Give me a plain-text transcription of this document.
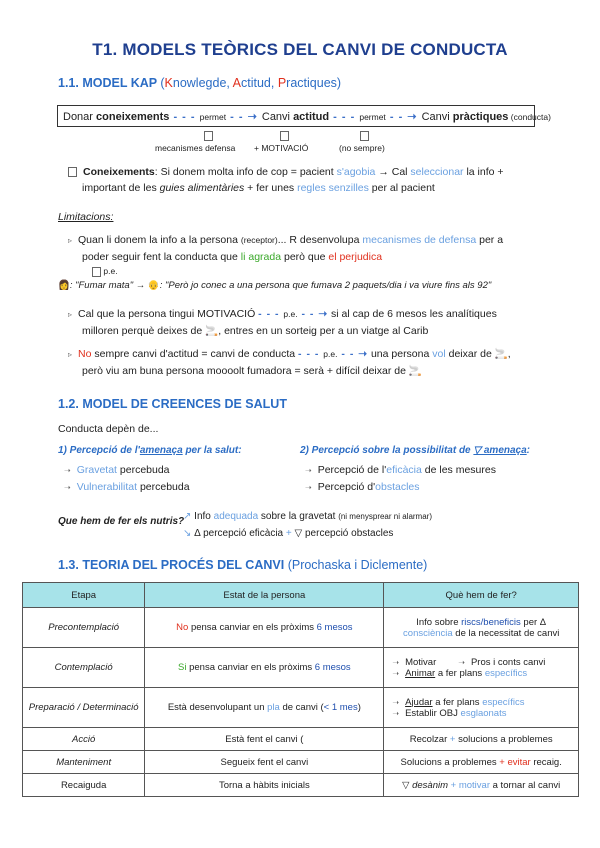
T1. MODELS TEÒRICS DEL CANVI DE CONDUCTA
1.1. MODEL KAP (Knowlegde, Actitud, Practiques)
Donar coneixements - - - permet - - ➝ Canvi actitud - - - permet - - ➝ Canvi pràctiques (conducta)
mecanismes defensa + MOTIVACIÓ	(no sempre)
Coneixements: Si donem molta info de cop = pacient s'agobia → Cal seleccionar la info +
important de les guies alimentàries + fer unes regles senzilles per al pacient
Limitacions:
▹ Quan li donem la info a la persona (receptor)... R desenvolupa mecanismes de defensa per a
poder seguir fent la conducta que li agrada però que el perjudica
p.e.
👩: "Fumar mata" → 👴: "Però jo conec a una persona que fumava 2 paquets/dia i va viure fins als 92"
▹ Cal que la persona tingui MOTIVACIÓ - - - p.e. - - ➝ si al cap de 6 mesos les analítiques
milloren perquè deixes de 🚬, entres en un sorteig per a un viatge al Carib
▹ No sempre canvi d'actitud = canvi de conducta - - - p.e. - - ➝ una persona vol deixar de 🚬,
però viu am buna persona moooolt fumadora = serà + difícil deixar de 🚬
1.2. MODEL DE CREENCES DE SALUT
Conducta depèn de...
1) Percepció de l'amenaça per la salut:
➝ Gravetat percebuda
➝ Vulnerabilitat percebuda
2) Percepció sobre la possibilitat de ▽ amenaça:
➝ Percepció de l'eficàcia de les mesures
➝ Percepció d'obstacles
Que hem de fer els nutris?
↗ Info adequada sobre la gravetat (ni menysprear ni alarmar)
↘ Δ percepció eficàcia + ▽ percepció obstacles
1.3. TEORIA DEL PROCÉS DEL CANVI (Prochaska i Diclemente)
Etapa	Estat de la persona	Què hem de fer?
Precontemplació	No pensa canviar en els pròxims 6 mesos	Info sobre riscs/beneficis per Δ
consciència de la necessitat de canvi
Contemplació	Si pensa canviar en els pròxims 6 mesos	➝ Motivar ➝ Pros i conts canvi
➝ Animar a fer plans específics
Preparació / Determinació	Està desenvolupant un pla de canvi (< 1 mes)	➝ Ajudar a fer plans específics
➝ Establir OBJ esglaonats
Acció	Està fent el canvi (	Recolzar + solucions a problemes
Manteniment	Segueix fent el canvi	Solucions a problemes + evitar recaig.
Recaiguda	Torna a hàbits inicials	▽ desànim + motivar a tornar al canvi
